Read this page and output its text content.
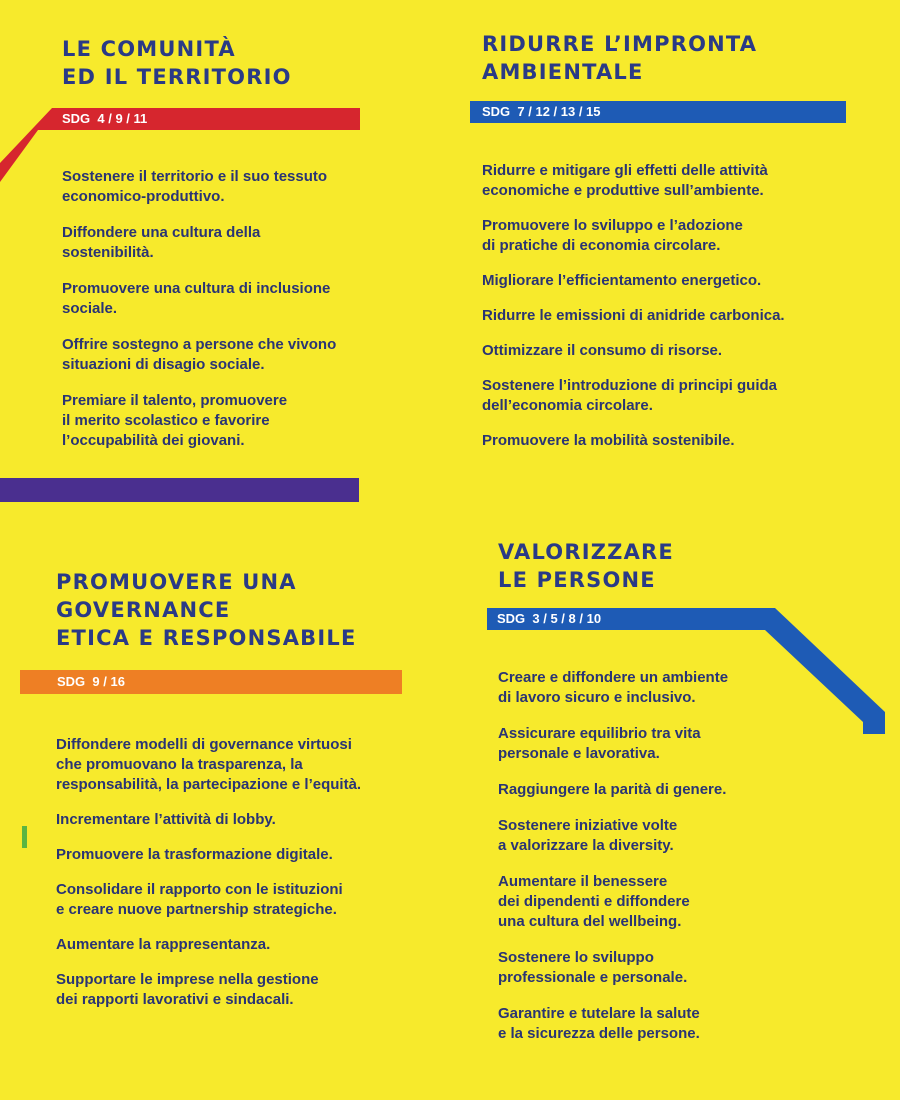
LE COMUNITÀ
ED IL TERRITORIO
SDG  4 / 9 / 11
Sostenere il territorio e il suo tessuto
economico-produttivo.
Diffondere una cultura della
sostenibilità.
Promuovere una cultura di inclusione
sociale.
Offrire sostegno a persone che vivono
situazioni di disagio sociale.
Premiare il talento, promuovere
il merito scolastico e favorire
l’occupabilità dei giovani.
RIDURRE L’IMPRONTA
AMBIENTALE
SDG  7 / 12 / 13 / 15
Ridurre e mitigare gli effetti delle attività
economiche e produttive sull’ambiente.
Promuovere lo sviluppo e l’adozione
di pratiche di economia circolare.
Migliorare l’efficientamento energetico.
Ridurre le emissioni di anidride carbonica.
Ottimizzare il consumo di risorse.
Sostenere l’introduzione di principi guida
dell’economia circolare.
Promuovere la mobilità sostenibile.
PROMUOVERE UNA
GOVERNANCE
ETICA E RESPONSABILE
SDG  9 / 16
Diffondere modelli di governance virtuosi
che promuovano la trasparenza, la
responsabilità, la partecipazione e l’equità.
Incrementare l’attività di lobby.
Promuovere la trasformazione digitale.
Consolidare il rapporto con le istituzioni
e creare nuove partnership strategiche.
Aumentare la rappresentanza.
Supportare le imprese nella gestione
dei rapporti lavorativi e sindacali.
VALORIZZARE
LE PERSONE
SDG  3 / 5 / 8 / 10
Creare e diffondere un ambiente
di lavoro sicuro e inclusivo.
Assicurare equilibrio tra vita
personale e lavorativa.
Raggiungere la parità di genere.
Sostenere iniziative volte
a valorizzare la diversity.
Aumentare il benessere
dei dipendenti e diffondere
una cultura del wellbeing.
Sostenere lo sviluppo
professionale e personale.
Garantire e tutelare la salute
e la sicurezza delle persone.
